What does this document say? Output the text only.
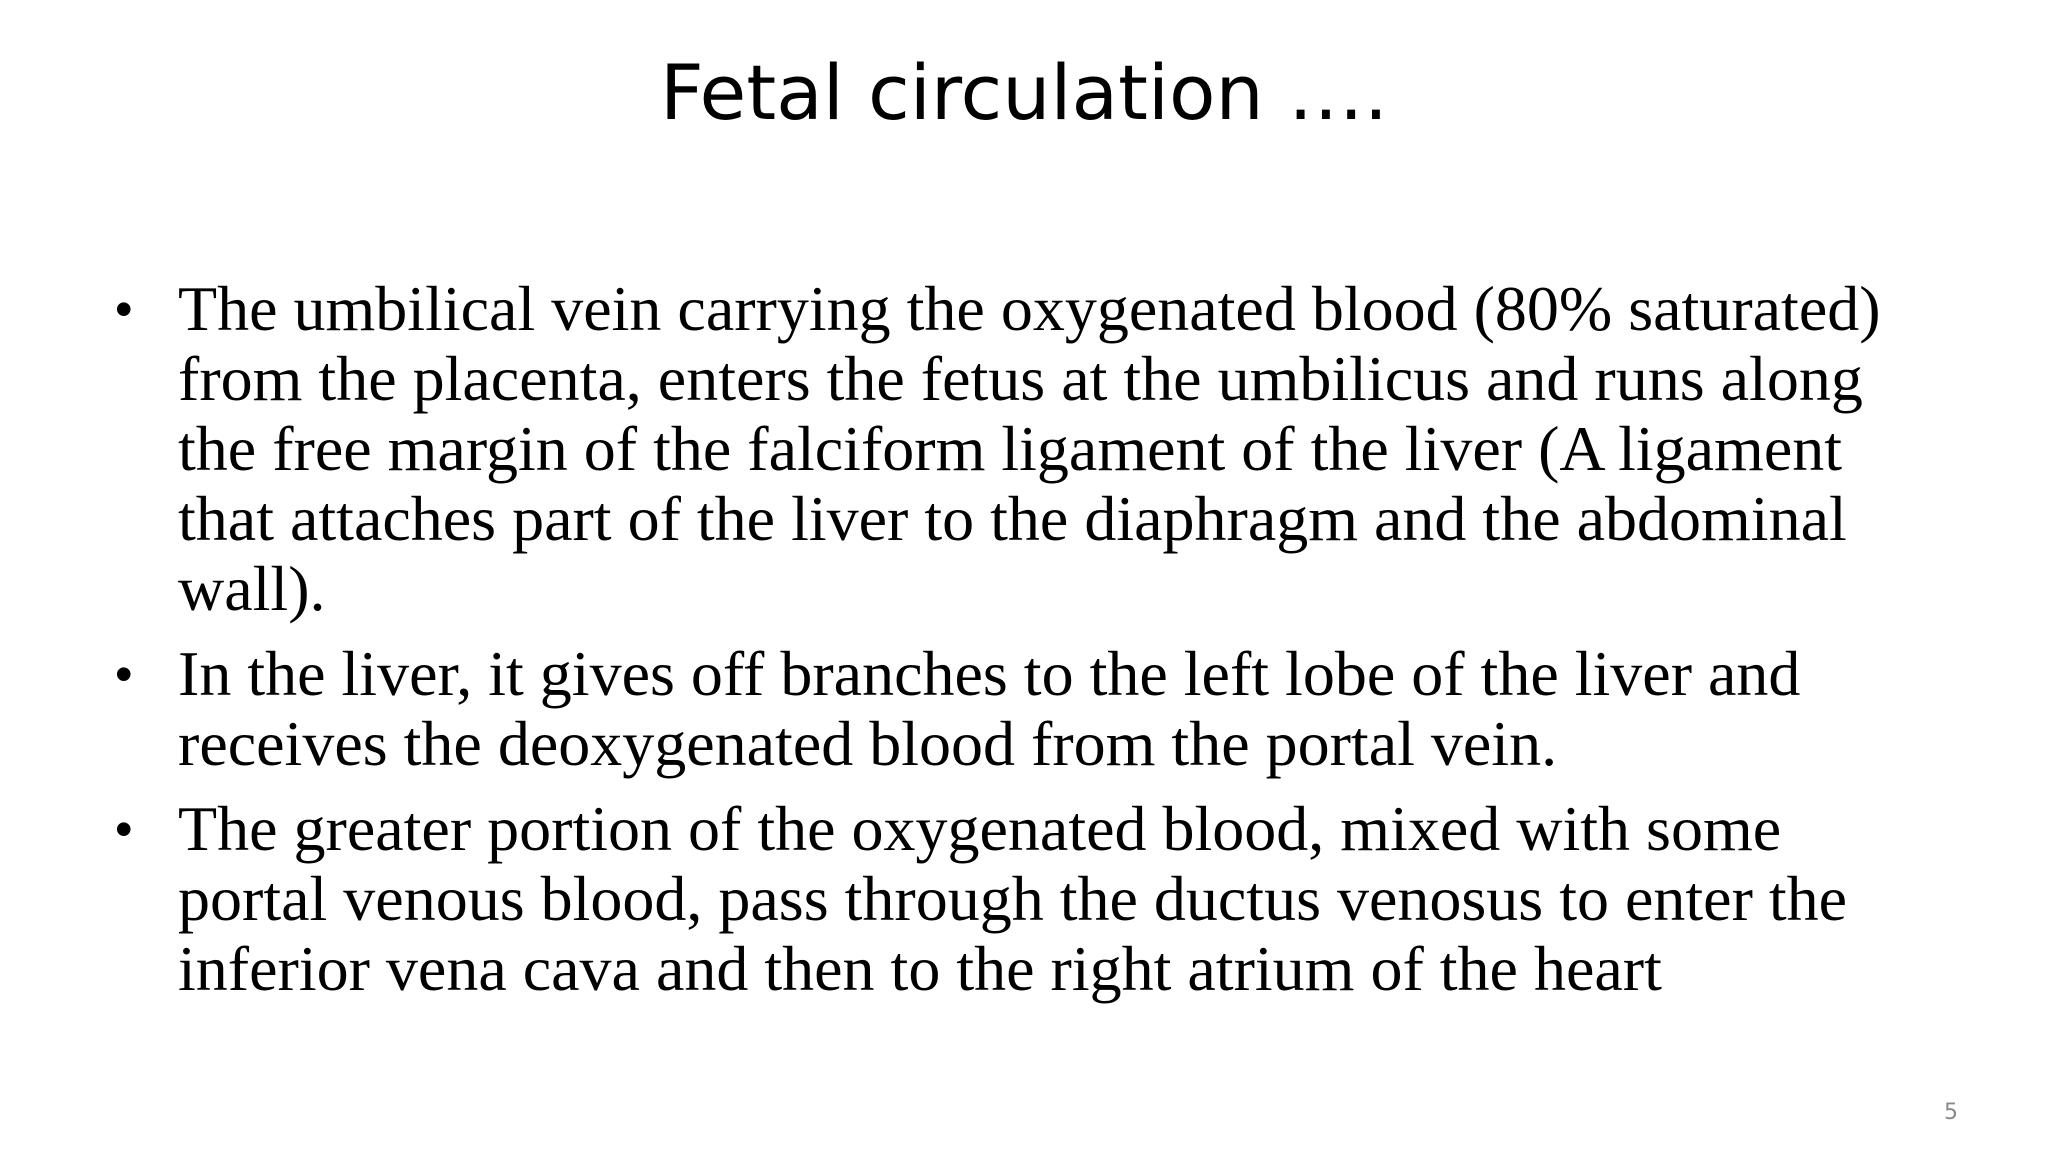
Fetal circulation ….
• The umbilical vein carrying the oxygenated blood (80% saturated) from the placenta, enters the fetus at the umbilicus and runs along the free margin of the falciform ligament of the liver (A ligament that attaches part of the liver to the diaphragm and the abdominal wall).
• In the liver, it gives off branches to the left lobe of the liver and receives the deoxygenated blood from the portal vein.
• The greater portion of the oxygenated blood, mixed with some portal venous blood, pass through the ductus venosus to enter the inferior vena cava and then to the right atrium of the heart
5
